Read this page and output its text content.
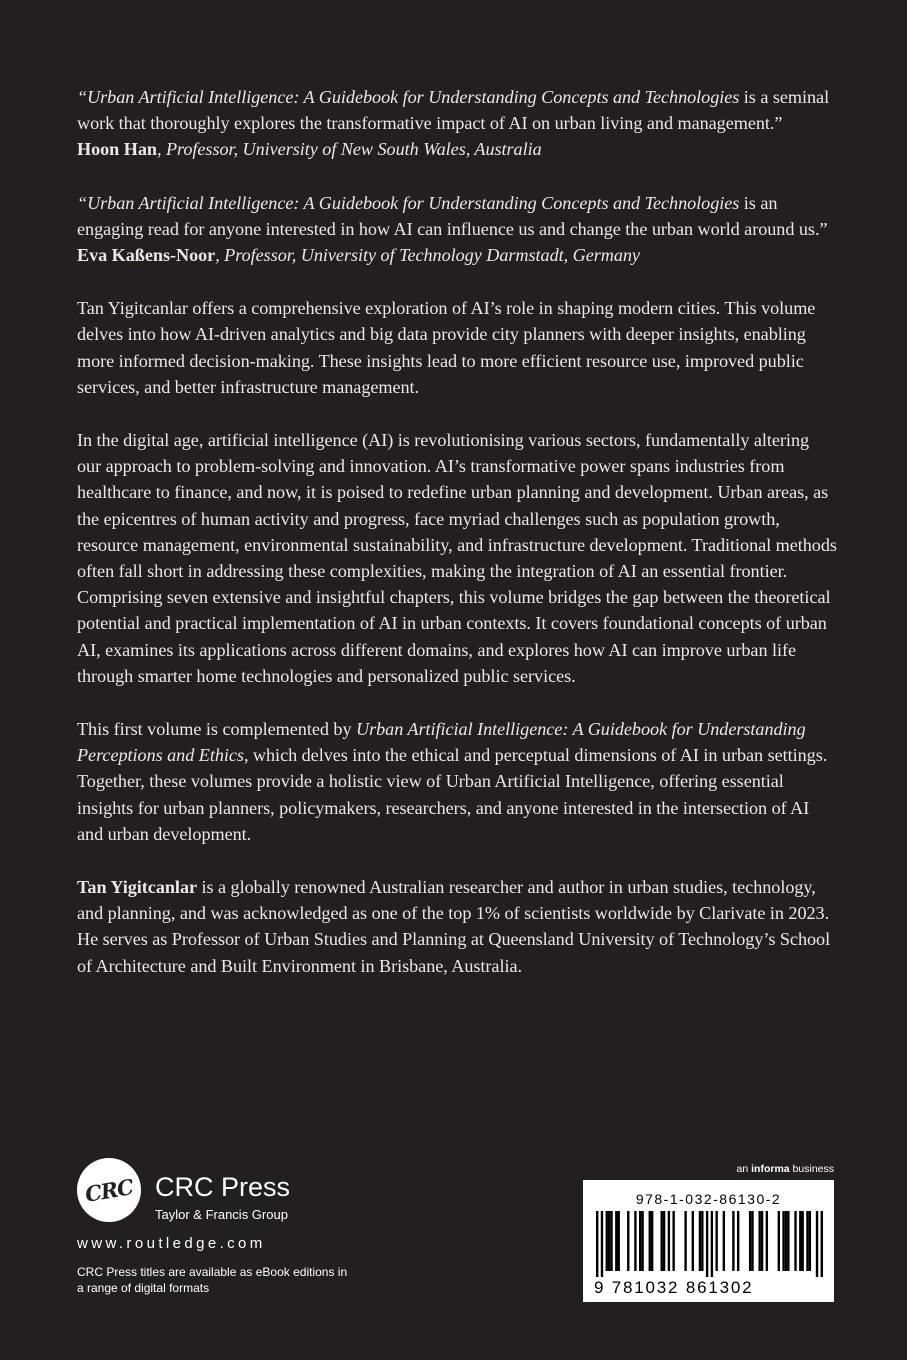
“Urban Artificial Intelligence: A Guidebook for Understanding Concepts and Technologies is a seminal work that thoroughly explores the transformative impact of AI on urban living and management.”
Hoon Han, Professor, University of New South Wales, Australia

“Urban Artificial Intelligence: A Guidebook for Understanding Concepts and Technologies is an engaging read for anyone interested in how AI can influence us and change the urban world around us.”
Eva Kaßens-Noor, Professor, University of Technology Darmstadt, Germany

Tan Yigitcanlar offers a comprehensive exploration of AI’s role in shaping modern cities. This volume delves into how AI-driven analytics and big data provide city planners with deeper insights, enabling more informed decision-making. These insights lead to more efficient resource use, improved public services, and better infrastructure management.

In the digital age, artificial intelligence (AI) is revolutionising various sectors, fundamentally altering our approach to problem-solving and innovation. AI’s transformative power spans industries from healthcare to finance, and now, it is poised to redefine urban planning and development. Urban areas, as the epicentres of human activity and progress, face myriad challenges such as population growth, resource management, environmental sustainability, and infrastructure development. Traditional methods often fall short in addressing these complexities, making the integration of AI an essential frontier. Comprising seven extensive and insightful chapters, this volume bridges the gap between the theoretical potential and practical implementation of AI in urban contexts. It covers foundational concepts of urban AI, examines its applications across different domains, and explores how AI can improve urban life through smarter home technologies and personalized public services.

This first volume is complemented by Urban Artificial Intelligence: A Guidebook for Understanding Perceptions and Ethics, which delves into the ethical and perceptual dimensions of AI in urban settings. Together, these volumes provide a holistic view of Urban Artificial Intelligence, offering essential insights for urban planners, policymakers, researchers, and anyone interested in the intersection of AI and urban development.

Tan Yigitcanlar is a globally renowned Australian researcher and author in urban studies, technology, and planning, and was acknowledged as one of the top 1% of scientists worldwide by Clarivate in 2023. He serves as Professor of Urban Studies and Planning at Queensland University of Technology’s School of Architecture and Built Environment in Brisbane, Australia.

CRC CRC Press
Taylor & Francis Group
www.routledge.com
CRC Press titles are available as eBook editions in a range of digital formats
an informa business
978-1-032-86130-2
9 781032 861302
